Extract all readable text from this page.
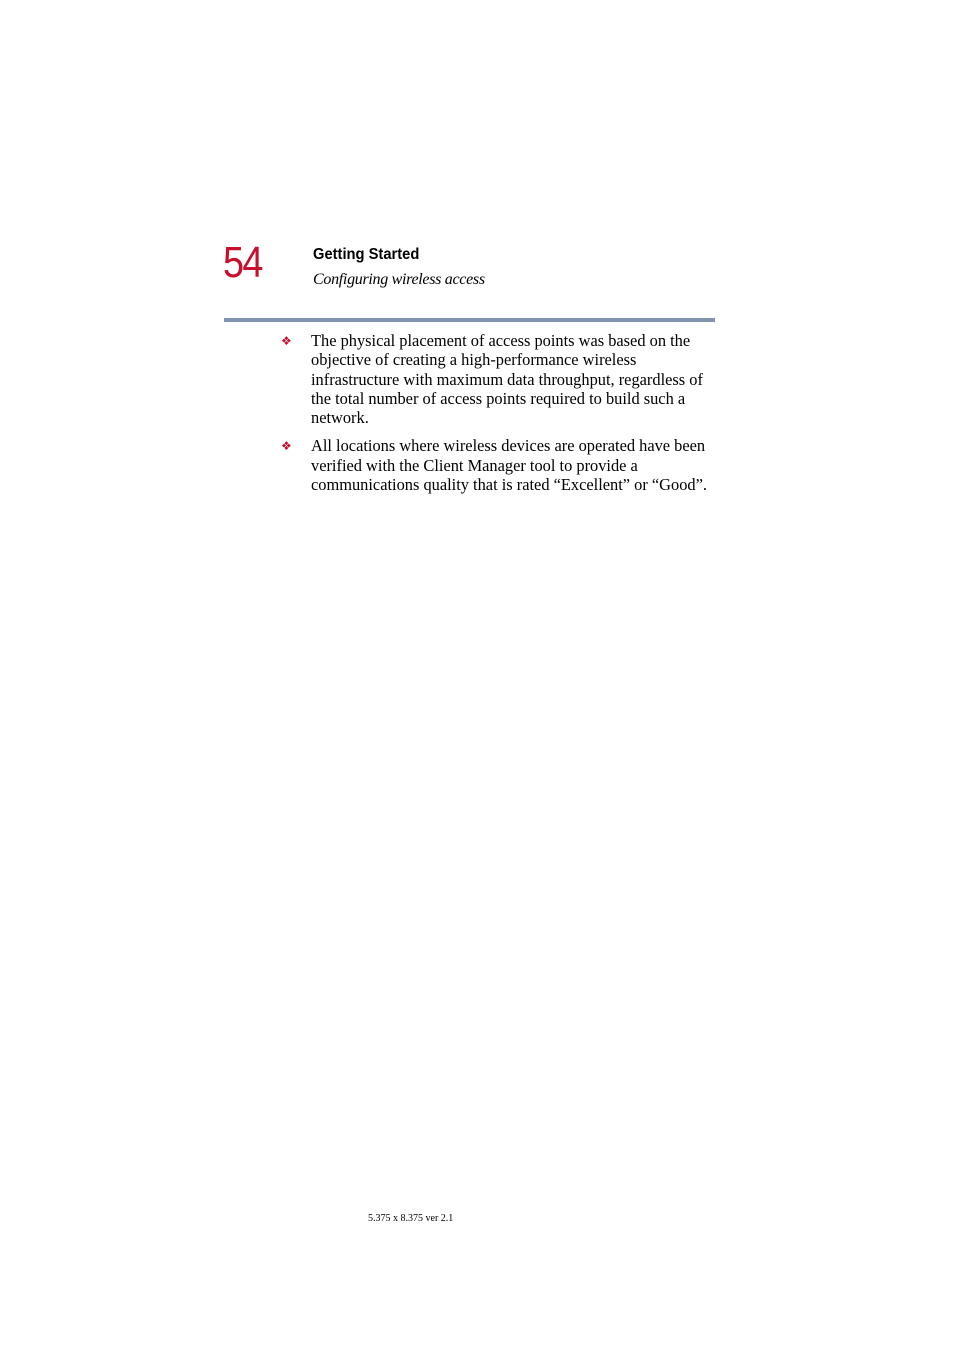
54	Getting Started
Configuring wireless access
❖ The physical placement of access points was based on the objective of creating a high-performance wireless infrastructure with maximum data throughput, regardless of the total number of access points required to build such a network.
❖ All locations where wireless devices are operated have been verified with the Client Manager tool to provide a communications quality that is rated “Excellent” or “Good”.
5.375 x 8.375 ver 2.1
